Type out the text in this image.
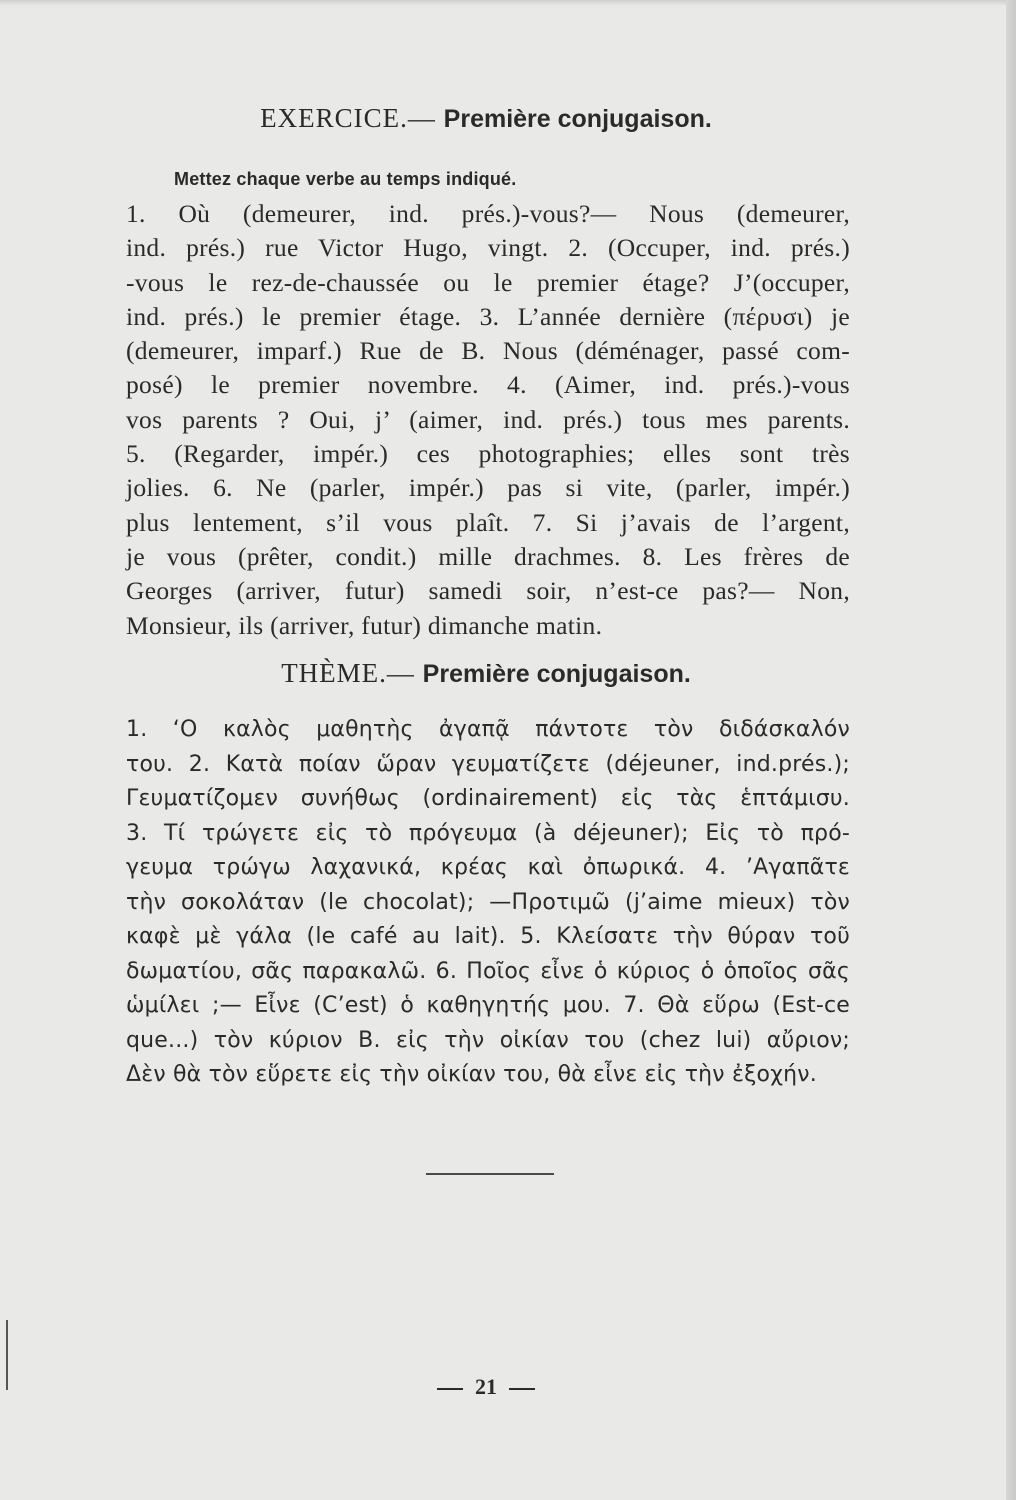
EXERCICE.— Première conjugaison.
Mettez chaque verbe au temps indiqué.
1. Où (demeurer, ind. prés.)-vous?— Nous (demeurer,
ind. prés.) rue Victor Hugo, vingt. 2. (Occuper, ind. prés.)
-vous le rez-de-chaussée ou le premier étage? J’(occuper,
ind. prés.) le premier étage. 3. L’année dernière (πέρυσι) je
(demeurer, imparf.) Rue de B. Nous (déménager, passé com-
posé) le premier novembre. 4. (Aimer, ind. prés.)-vous
vos parents ? Oui, j’ (aimer, ind. prés.) tous mes parents.
5. (Regarder, impér.) ces photographies; elles sont très
jolies. 6. Ne (parler, impér.) pas si vite, (parler, impér.)
plus lentement, s’il vous plaît. 7. Si j’avais de l’argent,
je vous (prêter, condit.) mille drachmes. 8. Les frères de
Georges (arriver, futur) samedi soir, n’est-ce pas?— Non,
Monsieur, ils (arriver, futur) dimanche matin.
THÈME.— Première conjugaison.
1. ‘Ο καλὸς μαθητὴς ἀγαπᾷ πάντοτε τὸν διδάσκαλόν
του. 2. Κατὰ ποίαν ὥραν γευματίζετε (déjeuner, ind.prés.);
Γευματίζομεν συνήθως (ordinairement) εἰς τὰς ἑπτάμισυ.
3. Τί τρώγετε εἰς τὸ πρόγευμα (à déjeuner); Εἰς τὸ πρό-
γευμα τρώγω λαχανικά, κρέας καὶ ὀπωρικά. 4. ’Αγαπᾶτε
τὴν σοκολάταν (le chocolat); —Προτιμῶ (j’aime mieux) τὸν
καφὲ μὲ γάλα (le café au lait). 5. Κλείσατε τὴν θύραν τοῦ
δωματίου, σᾶς παρακαλῶ. 6. Ποῖος εἶνε ὁ κύριος ὁ ὁποῖος σᾶς
ὡμίλει ;— Εἶνε (C’est) ὁ καθηγητής μου. 7. Θὰ εὕρω (Est-ce
que...) τὸν κύριον Β. εἰς τὴν οἰκίαν του (chez lui) αὔριον;
Δὲν θὰ τὸν εὕρετε εἰς τὴν οἰκίαν του, θὰ εἶνε εἰς τὴν ἐξοχήν.
21
